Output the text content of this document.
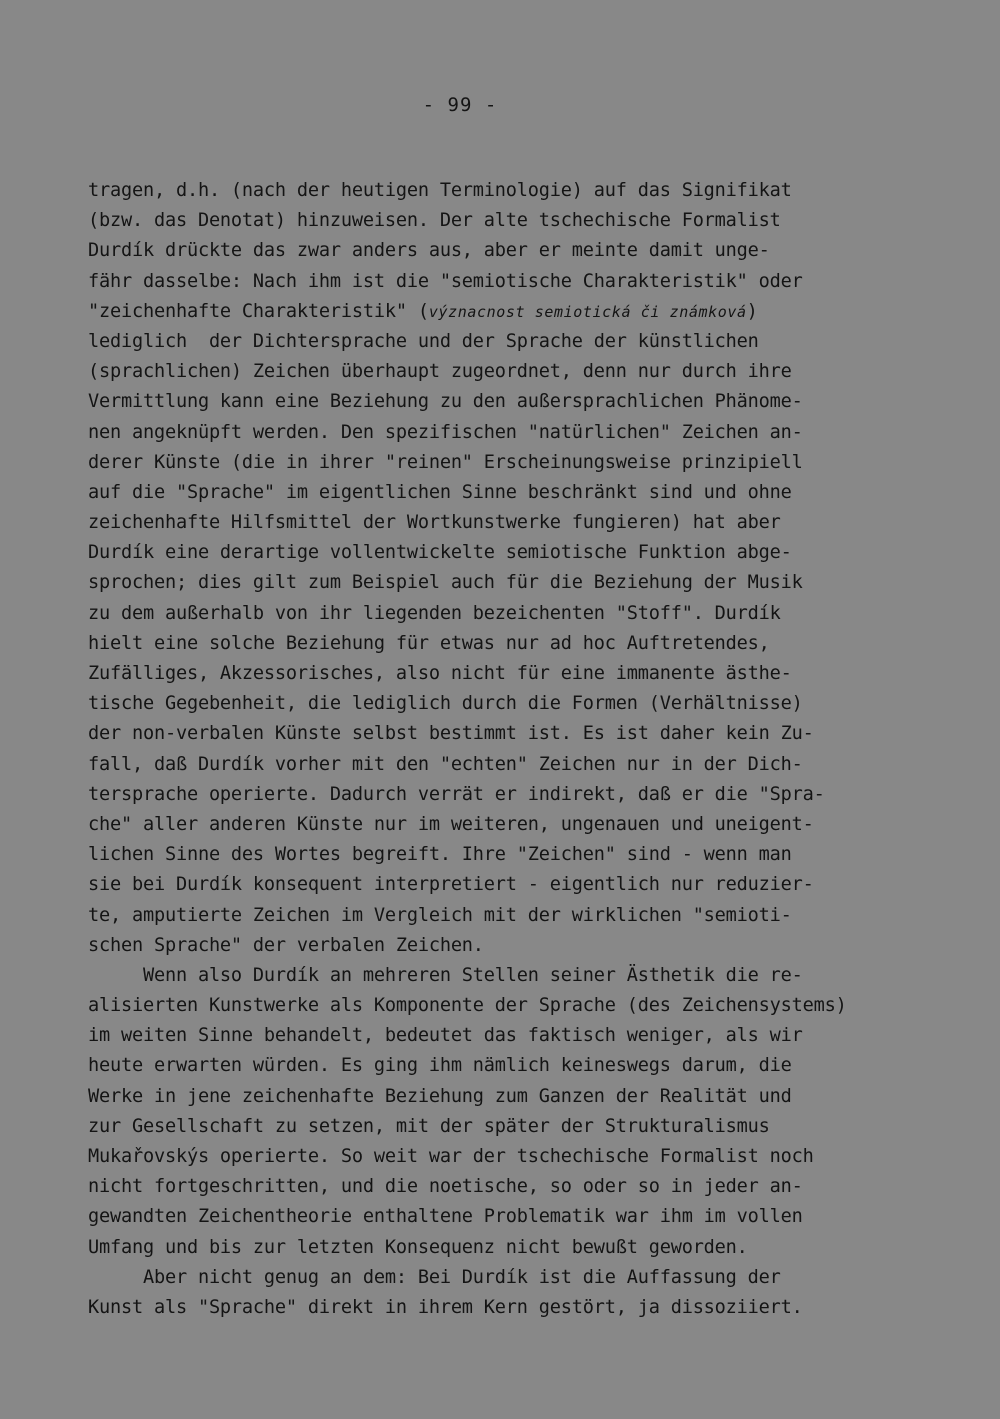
- 99 -
tragen, d.h. (nach der heutigen Terminologie) auf das Signifikat
(bzw. das Denotat) hinzuweisen. Der alte tschechische Formalist
Durdík drückte das zwar anders aus, aber er meinte damit unge-
fähr dasselbe: Nach ihm ist die "semiotische Charakteristik" oder
"zeichenhafte Charakteristik" (význacnost semiotická či známková)
lediglich  der Dichtersprache und der Sprache der künstlichen
(sprachlichen) Zeichen überhaupt zugeordnet, denn nur durch ihre
Vermittlung kann eine Beziehung zu den außersprachlichen Phänome-
nen angeknüpft werden. Den spezifischen "natürlichen" Zeichen an-
derer Künste (die in ihrer "reinen" Erscheinungsweise prinzipiell
auf die "Sprache" im eigentlichen Sinne beschränkt sind und ohne
zeichenhafte Hilfsmittel der Wortkunstwerke fungieren) hat aber
Durdík eine derartige vollentwickelte semiotische Funktion abge-
sprochen; dies gilt zum Beispiel auch für die Beziehung der Musik
zu dem außerhalb von ihr liegenden bezeichenten "Stoff". Durdík
hielt eine solche Beziehung für etwas nur ad hoc Auftretendes,
Zufälliges, Akzessorisches, also nicht für eine immanente ästhe-
tische Gegebenheit, die lediglich durch die Formen (Verhältnisse)
der non-verbalen Künste selbst bestimmt ist. Es ist daher kein Zu-
fall, daß Durdík vorher mit den "echten" Zeichen nur in der Dich-
tersprache operierte. Dadurch verrät er indirekt, daß er die "Spra-
che" aller anderen Künste nur im weiteren, ungenauen und uneigent-
lichen Sinne des Wortes begreift. Ihre "Zeichen" sind - wenn man
sie bei Durdík konsequent interpretiert - eigentlich nur reduzier-
te, amputierte Zeichen im Vergleich mit der wirklichen "semioti-
schen Sprache" der verbalen Zeichen.
Wenn also Durdík an mehreren Stellen seiner Ästhetik die re-
alisierten Kunstwerke als Komponente der Sprache (des Zeichensystems)
im weiten Sinne behandelt, bedeutet das faktisch weniger, als wir
heute erwarten würden. Es ging ihm nämlich keineswegs darum, die
Werke in jene zeichenhafte Beziehung zum Ganzen der Realität und
zur Gesellschaft zu setzen, mit der später der Strukturalismus
Mukařovskýs operierte. So weit war der tschechische Formalist noch
nicht fortgeschritten, und die noetische, so oder so in jeder an-
gewandten Zeichentheorie enthaltene Problematik war ihm im vollen
Umfang und bis zur letzten Konsequenz nicht bewußt geworden.
Aber nicht genug an dem: Bei Durdík ist die Auffassung der
Kunst als "Sprache" direkt in ihrem Kern gestört, ja dissoziiert.
